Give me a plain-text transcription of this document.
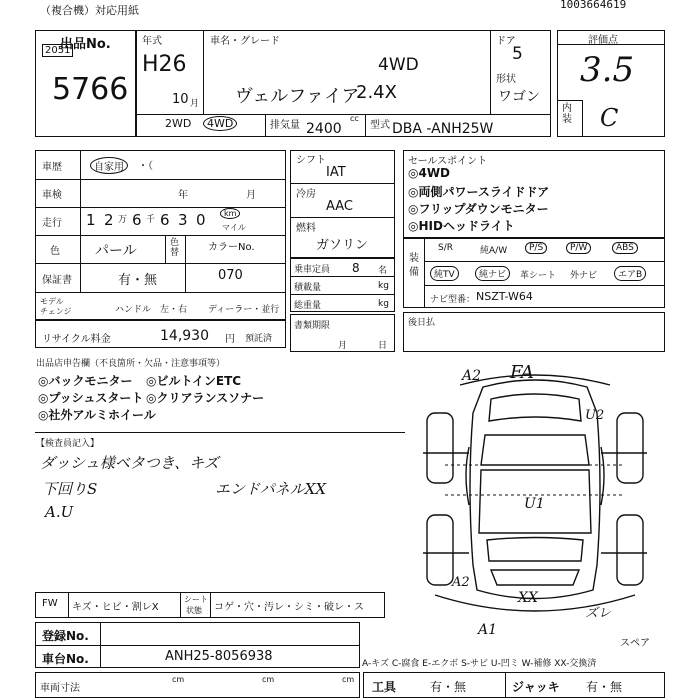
（複合機）対応用紙	1003664619
出品No.
2051
5766
年式
H26
10 月
車名・グレード
4WD
ヴェルファイア
2.4X
ドア
5
形状
ワゴン
2WD	4WD	排気量
cc
2400	型式 DBA -ANH25W
評価点
3.5
内装 C
車歴	自家用	・（
車検	年	月
走行 1 2 万 6 千 6 3 0	km
マイル
色	パール	色替	カラーNo.
070
保証書	有・無
モデル
チェンジ	ハンドル　左・右 ディーラー・並行
リサイクル料金	14,930 円 預託済
シフト
IAT
冷房
AAC
燃料
ガソリン
乗車定員 8 名
積載量	kg
総重量	kg
書類期限
月	日
セールスポイント
◎4WD
◎両側パワースライドドア
◎フリップダウンモニター
◎HIDヘッドライト
装備
S/R	純A/W	P/S	P/W	ABS
純TV	純ナビ	革シート 外ナビ	エアB
ナビ型番： NSZT-W64
後日払
出品店申告欄（不良箇所・欠品・注意事項等）
◎バックモニター ◎ビルトインETC
◎プッシュスタート ◎クリアランスソナー
◎社外アルミホイール
【検査員記入】
ダッシュ様ベタつき、キズ
下回りS	エンドパネルXX
A.U
A2 FA
U2
U1
A2
XX
ズレ
A1
スペア
FW キズ・ヒビ・割レX
シート
状態 コゲ・穴・汚レ・シミ・破レ・ス
登録No.
車台No.	ANH25-8056938	A-キズ C-腐食 E-エクボ S-サビ U-凹ミ W-補修 XX-交換済
車両寸法
cm	cm	cm
工具	有・無	ジャッキ 有・無
